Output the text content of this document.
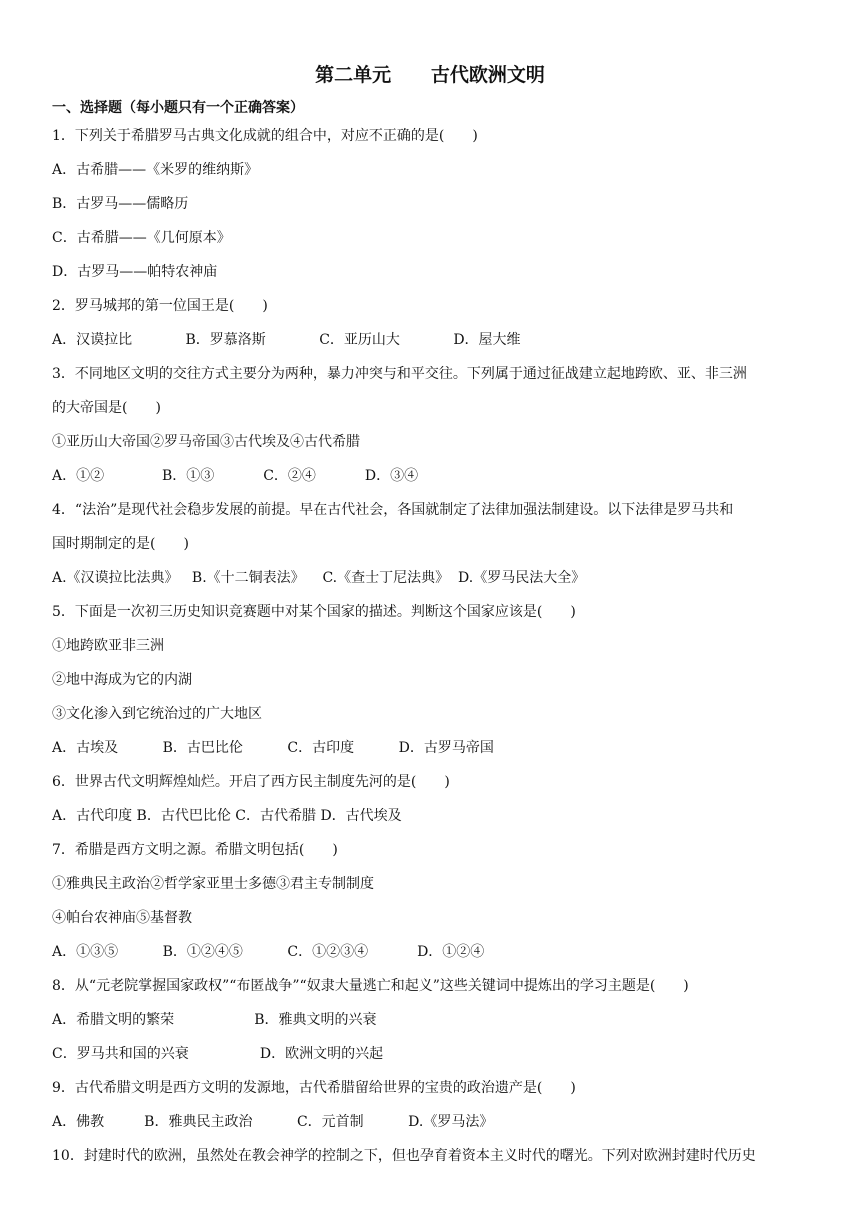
第二单元      古代欧洲文明
一、选择题（每小题只有一个正确答案）
1．下列关于希腊罗马古典文化成就的组合中，对应不正确的是(　　)
A．古希腊——《米罗的维纳斯》
B．古罗马——儒略历
C．古希腊——《几何原本》
D．古罗马——帕特农神庙
2．罗马城邦的第一位国王是(　　)
A．汉谟拉比            B．罗慕洛斯            C．亚历山大            D．屋大维
3．不同地区文明的交往方式主要分为两种，暴力冲突与和平交往。下列属于通过征战建立起地跨欧、亚、非三洲
的大帝国是(　　)
①亚历山大帝国②罗马帝国③古代埃及④古代希腊
A．①②             B．①③           C．②④           D．③④
4．“法治”是现代社会稳步发展的前提。早在古代社会，各国就制定了法律加强法制建设。以下法律是罗马共和
国时期制定的是(　　)
A.《汉谟拉比法典》   B.《十二铜表法》    C.《查士丁尼法典》  D.《罗马民法大全》
5．下面是一次初三历史知识竞赛题中对某个国家的描述。判断这个国家应该是(　　)
①地跨欧亚非三洲
②地中海成为它的内湖
③文化渗入到它统治过的广大地区
A．古埃及          B．古巴比伦          C．古印度          D．古罗马帝国
6．世界古代文明辉煌灿烂。开启了西方民主制度先河的是(　　)
A．古代印度 B．古代巴比伦 C．古代希腊 D．古代埃及
7．希腊是西方文明之源。希腊文明包括(　　)
①雅典民主政治②哲学家亚里士多德③君主专制制度
④帕台农神庙⑤基督教
A．①③⑤          B．①②④⑤          C．①②③④           D．①②④
8．从“元老院掌握国家政权”“布匿战争”“奴隶大量逃亡和起义”这些关键词中提炼出的学习主题是(　　)
A．希腊文明的繁荣                  B．雅典文明的兴衰
C．罗马共和国的兴衰                D．欧洲文明的兴起
9．古代希腊文明是西方文明的发源地，古代希腊留给世界的宝贵的政治遗产是(　　)
A．佛教         B．雅典民主政治          C．元首制          D.《罗马法》
10．封建时代的欧洲，虽然处在教会神学的控制之下，但也孕育着资本主义时代的曙光。下列对欧洲封建时代历史
